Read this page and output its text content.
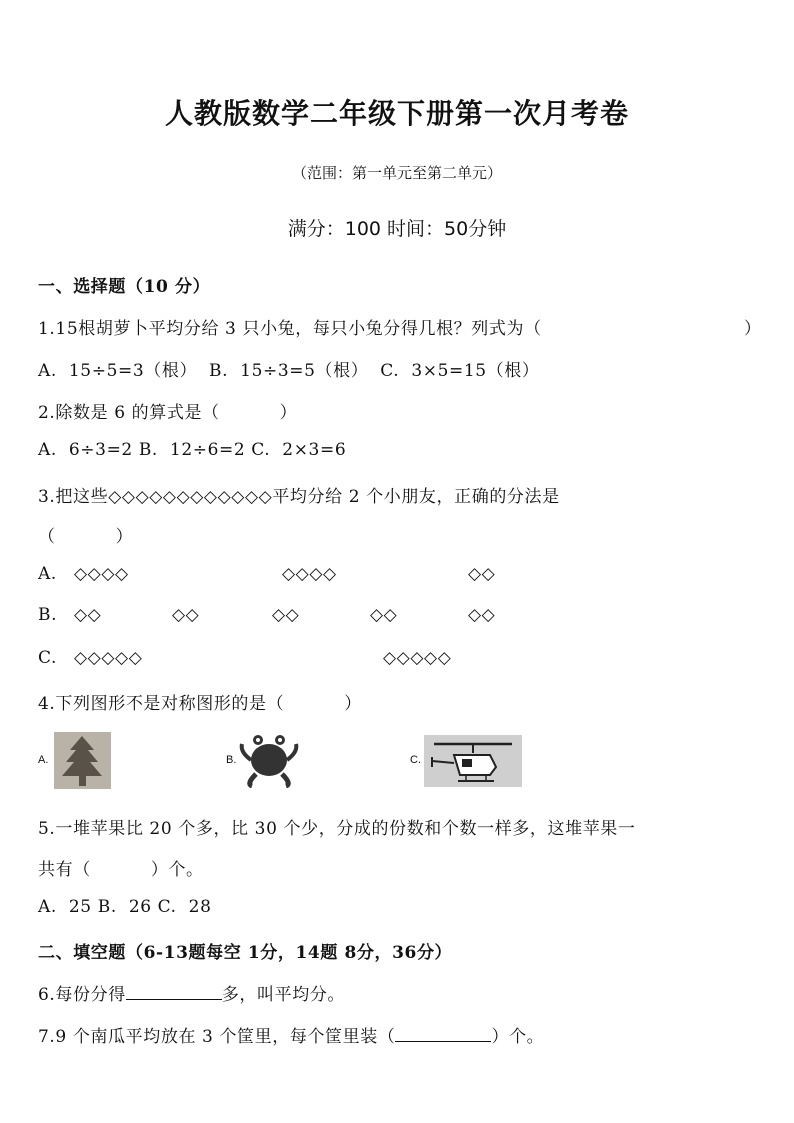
人教版数学二年级下册第一次月考卷
（范围：第一单元至第二单元）
满分：100 时间：50分钟
一、选择题（10 分）
1.15根胡萝卜平均分给 3 只小兔，每只小兔分得几根？列式为（	）
A.  15÷5=3（根）  B.  15÷3=5（根）  C.  3×5=15（根）
2.除数是 6 的算式是（          ）
A.  6÷3=2 B.  12÷6=2 C.  2×3=6
3.把这些◇◇◇◇◇◇◇◇◇◇◇◇平均分给 2 个小朋友，正确的分法是
（          ）
A. ◇◇◇◇	◇◇◇◇	◇◇
B. ◇◇	◇◇	◇◇	◇◇	◇◇
C. ◇◇◇◇◇	◇◇◇◇◇
4.下列图形不是对称图形的是（          ）
A.	B.	C.
5.一堆苹果比 20 个多，比 30 个少，分成的份数和个数一样多，这堆苹果一
共有（          ）个。
A.  25 B.  26 C.  28
二、填空题（6-13题每空 1分，14题 8分，36分）
6.每份分得	多，叫平均分。
7.9 个南瓜平均放在 3 个筐里，每个筐里装（	）个。
